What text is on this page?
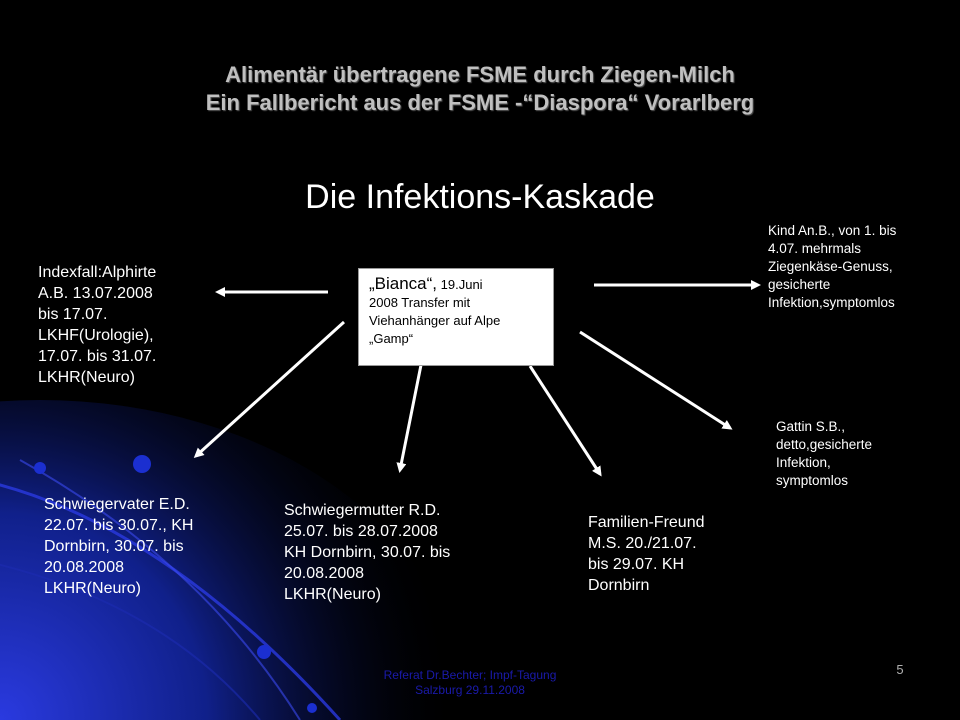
Alimentär übertragene FSME durch Ziegen-Milch
Ein Fallbericht aus der FSME -“Diaspora“ Vorarlberg
Die Infektions-Kaskade
„Bianca“, 19.Juni
2008 Transfer mit Viehanhänger auf Alpe „Gamp“
Indexfall:Alphirte
A.B. 13.07.2008
bis 17.07.
LKHF(Urologie),
17.07. bis 31.07.
LKHR(Neuro)
Kind An.B., von 1. bis
4.07. mehrmals
Ziegenkäse-Genuss,
gesicherte
Infektion,symptomlos
Gattin S.B.,
detto,gesicherte
Infektion,
symptomlos
Schwiegervater E.D.
22.07. bis 30.07., KH
Dornbirn, 30.07. bis
20.08.2008
LKHR(Neuro)
Schwiegermutter R.D.
25.07. bis 28.07.2008
KH Dornbirn, 30.07. bis
20.08.2008
LKHR(Neuro)
Familien-Freund
M.S. 20./21.07.
bis 29.07. KH
Dornbirn
Referat Dr.Bechter; Impf-Tagung
Salzburg 29.11.2008
5
